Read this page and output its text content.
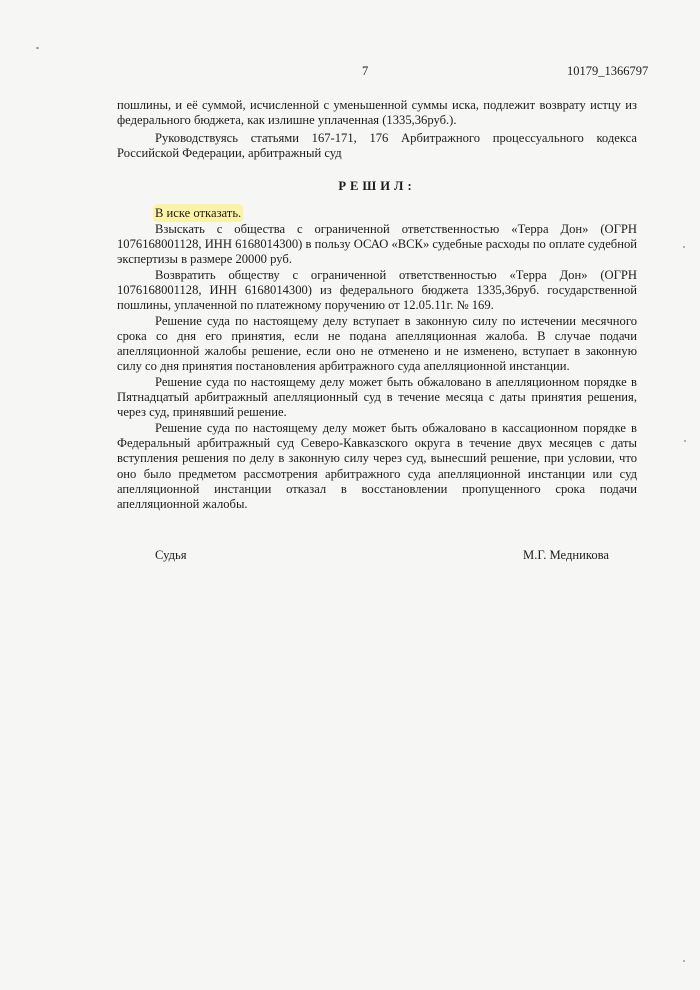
7	10179_1366797

пошлины, и её суммой, исчисленной с уменьшенной суммы иска, подлежит возврату истцу из федерального бюджета, как излишне уплаченная (1335,36руб.).

Руководствуясь статьями 167-171, 176 Арбитражного процессуального кодекса Российской Федерации, арбитражный суд

РЕШИЛ:

В иске отказать.

Взыскать с общества с ограниченной ответственностью «Терра Дон» (ОГРН 1076168001128, ИНН 6168014300) в пользу ОСАО «ВСК» судебные расходы по оплате судебной экспертизы в размере 20000 руб.

Возвратить обществу с ограниченной ответственностью «Терра Дон» (ОГРН 1076168001128, ИНН 6168014300) из федерального бюджета 1335,36руб. государственной пошлины, уплаченной по платежному поручению от 12.05.11г. № 169.

Решение суда по настоящему делу вступает в законную силу по истечении месячного срока со дня его принятия, если не подана апелляционная жалоба. В случае подачи апелляционной жалобы решение, если оно не отменено и не изменено, вступает в законную силу со дня принятия постановления арбитражного суда апелляционной инстанции.

Решение суда по настоящему делу может быть обжаловано в апелляционном порядке в Пятнадцатый арбитражный апелляционный суд в течение месяца с даты принятия решения, через суд, принявший решение.

Решение суда по настоящему делу может быть обжаловано в кассационном порядке в Федеральный арбитражный суд Северо-Кавказского округа в течение двух месяцев с даты вступления решения по делу в законную силу через суд, вынесший решение, при условии, что оно было предметом рассмотрения арбитражного суда апелляционной инстанции или суд апелляционной инстанции отказал в восстановлении пропущенного срока подачи апелляционной жалобы.

Судья	М.Г. Медникова
